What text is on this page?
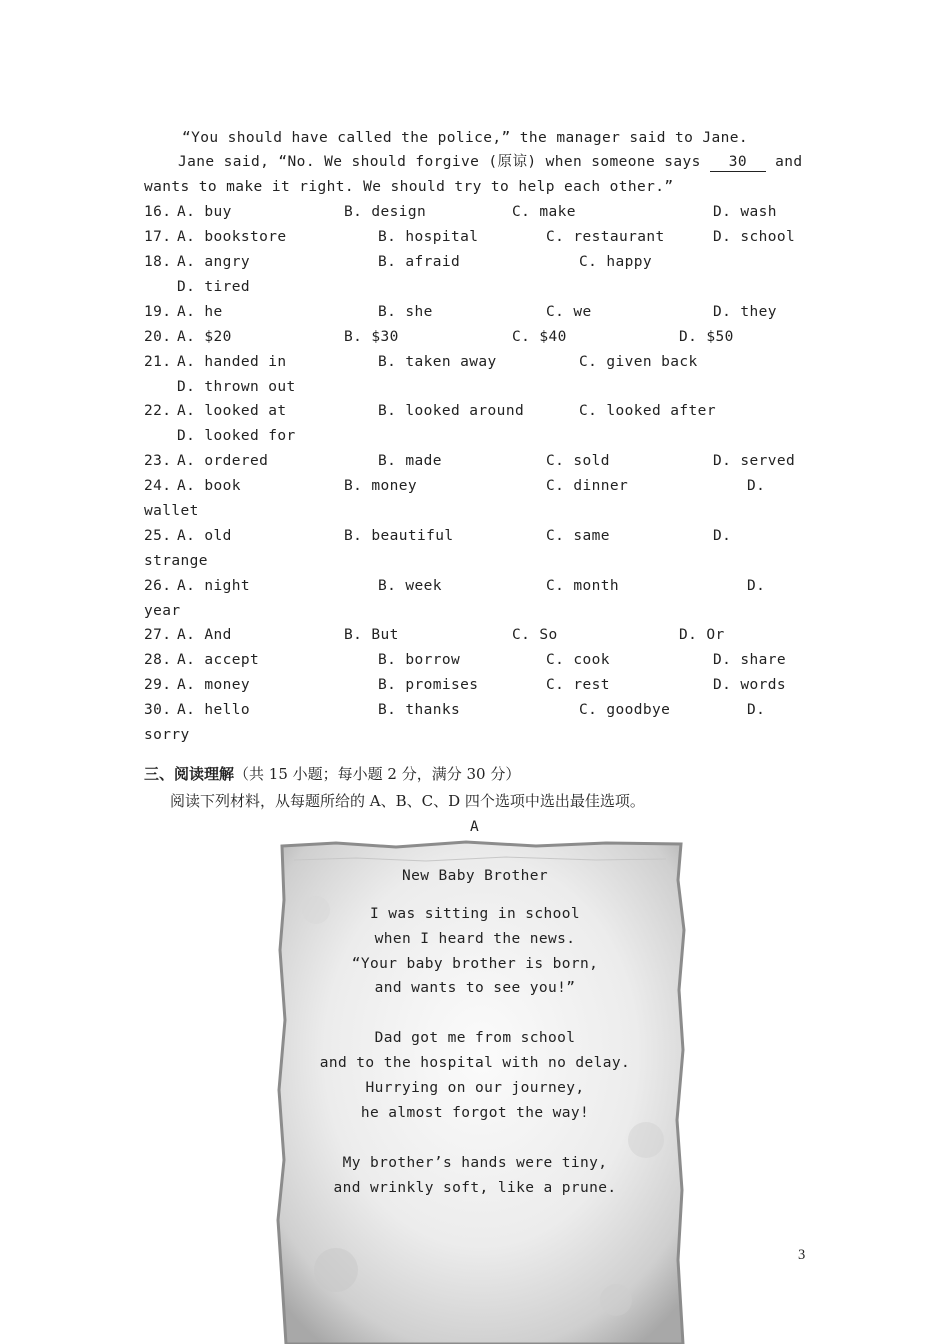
“You should have called the police,” the manager said to Jane.
Jane said, “No. We should forgive (原谅) when someone says 30 and
wants to make it right. We should try to help each other.”
16. A. buy	B. design	C. make	D. wash
17. A. bookstore	B. hospital	C. restaurant	D. school
18. A. angry	B. afraid	C. happy
D. tired
19. A. he	B. she	C. we	D. they
20. A. $20	B. $30	C. $40	D. $50
21. A. handed in	B. taken away	C. given back
D. thrown out
22. A. looked at	B. looked around	C. looked after
D. looked for
23. A. ordered	B. made	C. sold	D. served
24. A. book	B. money	C. dinner	D.
wallet
25. A. old	B. beautiful	C. same	D.
strange
26. A. night	B. week	C. month	D.
year
27. A. And	B. But	C. So	D. Or
28. A. accept	B. borrow	C. cook	D. share
29. A. money	B. promises	C. rest	D. words
30. A. hello	B. thanks	C. goodbye	D.
sorry
三、阅读理解（共 15 小题；每小题 2 分，满分 30 分）
阅读下列材料，从每题所给的 A、B、C、D 四个选项中选出最佳选项。
A
New Baby Brother
I was sitting in school
when I heard the news.
“Your baby brother is born,
and wants to see you!”
Dad got me from school
and to the hospital with no delay.
Hurrying on our journey,
he almost forgot the way!
My brother’s hands were tiny,
and wrinkly soft, like a prune.
3
